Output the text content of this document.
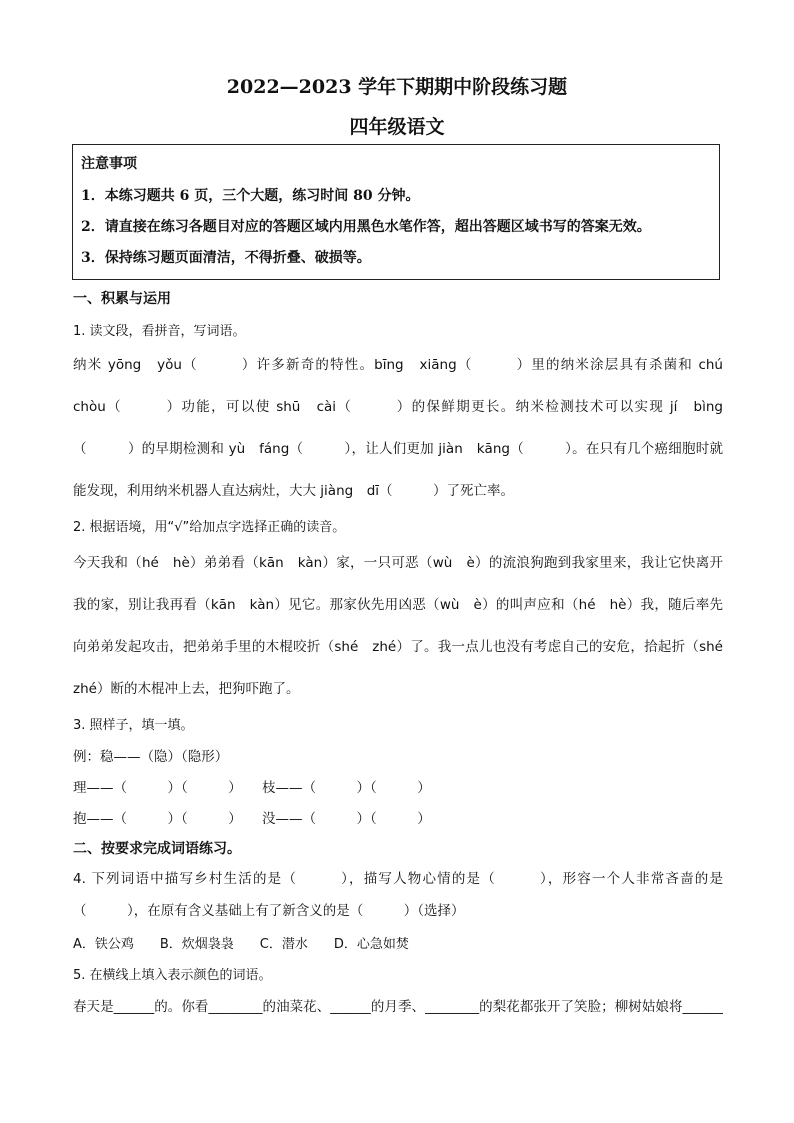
2022—2023 学年下期期中阶段练习题
四年级语文
注意事项
1．本练习题共 6 页，三个大题，练习时间 80 分钟。
2．请直接在练习各题目对应的答题区域内用黑色水笔作答，超出答题区域书写的答案无效。
3．保持练习题页面清洁，不得折叠、破损等。
一、积累与运用
1. 读文段，看拼音，写词语。
纳米 yōng　yǒu（　　　）许多新奇的特性。bīng　xiāng（　　　）里的纳米涂层具有杀菌和 chú
chòu（　　　）功能，可以使 shū　cài（　　　）的保鲜期更长。纳米检测技术可以实现 jí　bìng
（　　　）的早期检测和 yù　fáng（　　　），让人们更加 jiàn　kāng（　　　）。在只有几个癌细胞时就
能发现，利用纳米机器人直达病灶，大大 jiàng　dī（　　　）了死亡率。
2. 根据语境，用“√”给加点字选择正确的读音。
今天我和（hé　hè）弟弟看（kān　kàn）家，一只可恶（wù　è）的流浪狗跑到我家里来，我让它快离开
我的家，别让我再看（kān　kàn）见它。那家伙先用凶恶（wù　è）的叫声应和（hé　hè）我，随后率先
向弟弟发起攻击，把弟弟手里的木棍咬折（shé　zhé）了。我一点儿也没有考虑自己的安危，拾起折（shé
zhé）断的木棍冲上去，把狗吓跑了。
3. 照样子，填一填。
例：稳——（隐）（隐形）
理——（　　　）（　　　）　　枝——（　　　）（　　　）
抱——（　　　）（　　　）　　没——（　　　）（　　　）
二、按要求完成词语练习。
4. 下列词语中描写乡村生活的是（　　　），描写人物心情的是（　　　），形容一个人非常吝啬的是
（　　　），在原有含义基础上有了新含义的是（　　　）（选择）
A．铁公鸡　　B．炊烟袅袅　　C．潜水　　D．心急如焚
5. 在横线上填入表示颜色的词语。
春天是______的。你看________的油菜花、______的月季、________的梨花都张开了笑脸；柳树姑娘将______
